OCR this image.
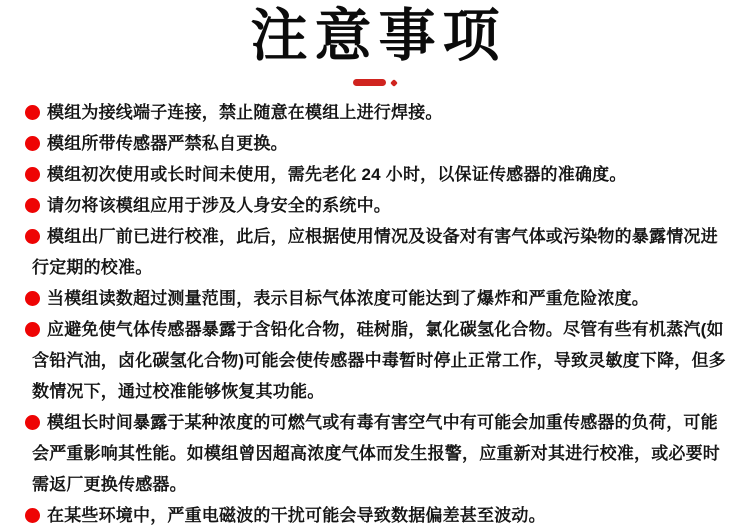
注意事项
模组为接线端子连接，禁止随意在模组上进行焊接。
模组所带传感器严禁私自更换。
模组初次使用或长时间未使用，需先老化 24 小时，以保证传感器的准确度。
请勿将该模组应用于涉及人身安全的系统中。
模组出厂前已进行校准，此后，应根据使用情况及设备对有害气体或污染物的暴露情况进行定期的校准。
当模组读数超过测量范围，表示目标气体浓度可能达到了爆炸和严重危险浓度。
应避免使气体传感器暴露于含铅化合物，硅树脂，氯化碳氢化合物。尽管有些有机蒸汽(如含铅汽油，卤化碳氢化合物)可能会使传感器中毒暂时停止正常工作，导致灵敏度下降，但多数情况下，通过校准能够恢复其功能。
模组长时间暴露于某种浓度的可燃气或有毒有害空气中有可能会加重传感器的负荷，可能会严重影响其性能。如模组曾因超高浓度气体而发生报警，应重新对其进行校准，或必要时需返厂更换传感器。
在某些环境中，严重电磁波的干扰可能会导致数据偏差甚至波动。
